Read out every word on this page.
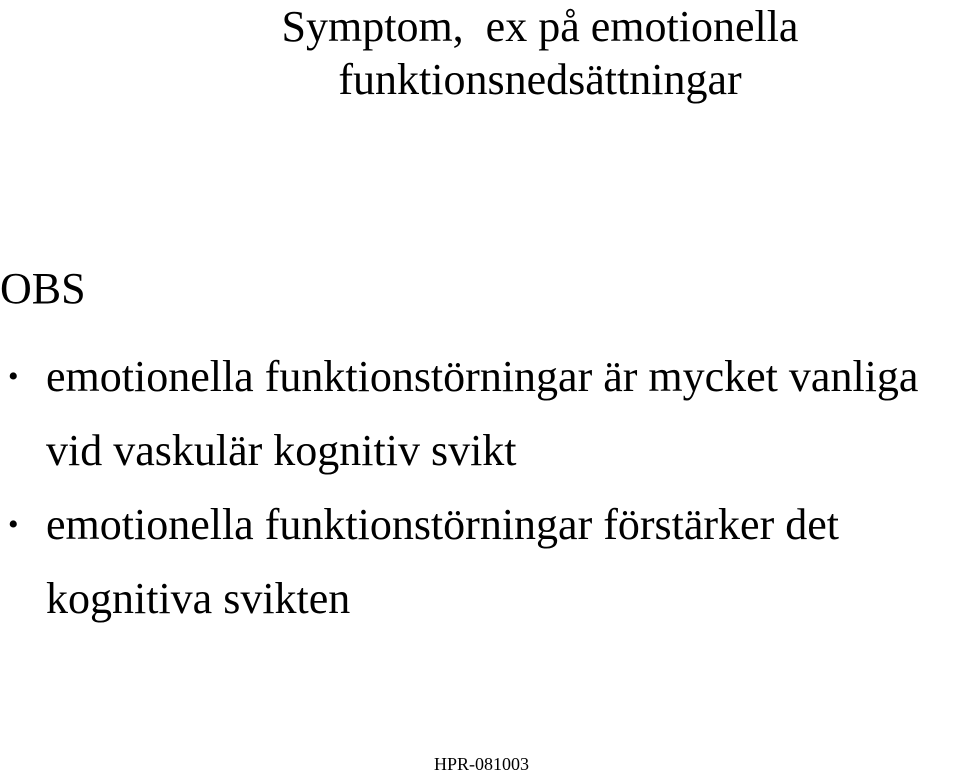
Symptom,  ex på emotionella
funktionsnedsättningar

OBS

• emotionella funktionstörningar är mycket vanliga vid vaskulär kognitiv svikt
• emotionella funktionstörningar förstärker det kognitiva svikten

HPR-081003
